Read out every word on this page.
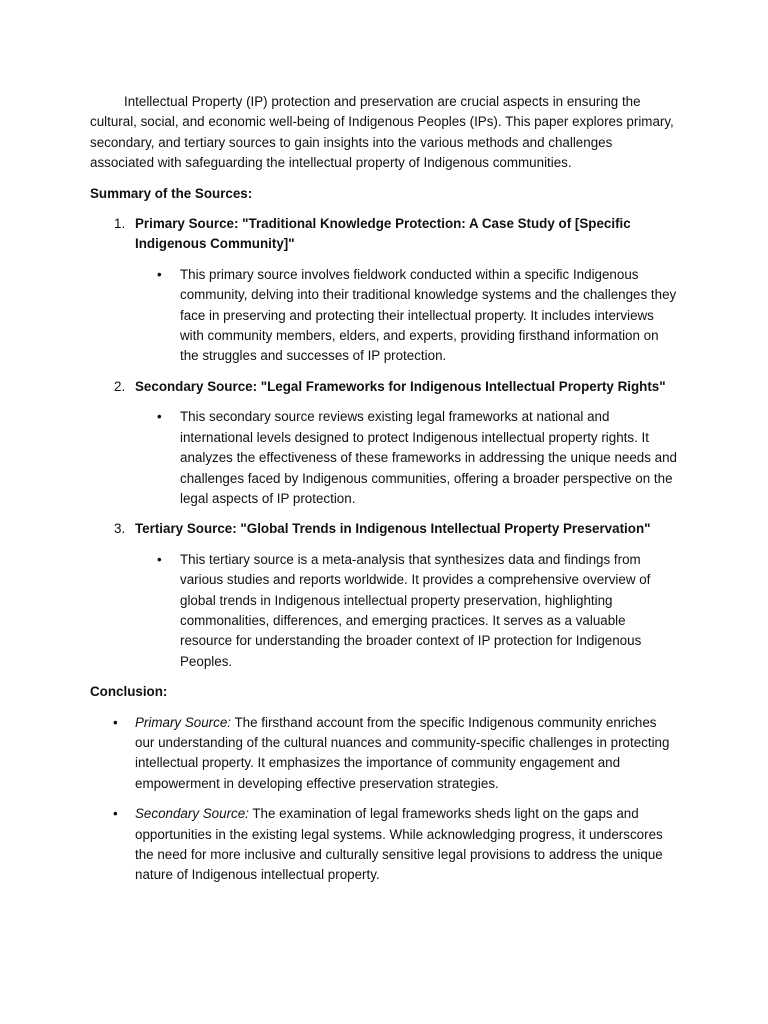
Intellectual Property (IP) protection and preservation are crucial aspects in ensuring the cultural, social, and economic well-being of Indigenous Peoples (IPs). This paper explores primary, secondary, and tertiary sources to gain insights into the various methods and challenges associated with safeguarding the intellectual property of Indigenous communities.

Summary of the Sources:

1. Primary Source: "Traditional Knowledge Protection: A Case Study of [Specific Indigenous Community]"
• This primary source involves fieldwork conducted within a specific Indigenous community, delving into their traditional knowledge systems and the challenges they face in preserving and protecting their intellectual property. It includes interviews with community members, elders, and experts, providing firsthand information on the struggles and successes of IP protection.
2. Secondary Source: "Legal Frameworks for Indigenous Intellectual Property Rights"
• This secondary source reviews existing legal frameworks at national and international levels designed to protect Indigenous intellectual property rights. It analyzes the effectiveness of these frameworks in addressing the unique needs and challenges faced by Indigenous communities, offering a broader perspective on the legal aspects of IP protection.
3. Tertiary Source: "Global Trends in Indigenous Intellectual Property Preservation"
• This tertiary source is a meta-analysis that synthesizes data and findings from various studies and reports worldwide. It provides a comprehensive overview of global trends in Indigenous intellectual property preservation, highlighting commonalities, differences, and emerging practices. It serves as a valuable resource for understanding the broader context of IP protection for Indigenous Peoples.

Conclusion:

• Primary Source: The firsthand account from the specific Indigenous community enriches our understanding of the cultural nuances and community-specific challenges in protecting intellectual property. It emphasizes the importance of community engagement and empowerment in developing effective preservation strategies.
• Secondary Source: The examination of legal frameworks sheds light on the gaps and opportunities in the existing legal systems. While acknowledging progress, it underscores the need for more inclusive and culturally sensitive legal provisions to address the unique nature of Indigenous intellectual property.
